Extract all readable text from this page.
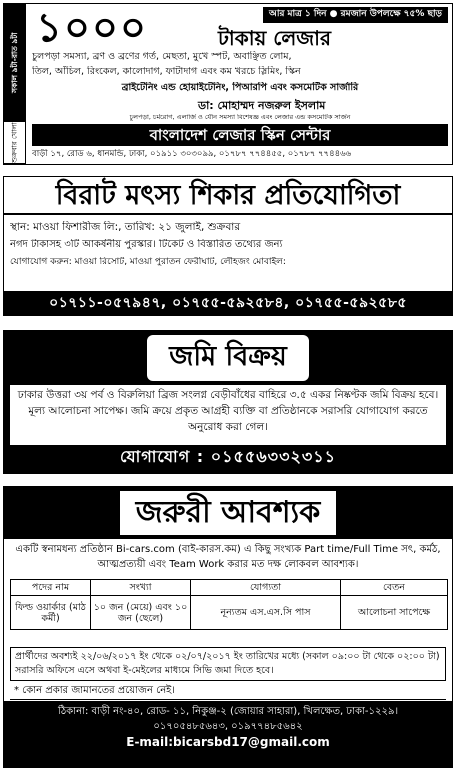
সকাল ৯টা-রাত ৯টা
শুক্রবার খোলা
১০০০	আর মাত্র ১ দিন ● রমজান উপলক্ষে ৭৫% ছাড়
টাকায় লেজার
চুলপড়া সমস্যা, ব্রণ ও ব্রণের গর্ত, মেছতা, মুখে স্পট, অবাঞ্ছিত লোম,
তিল, আঁচিল, রিংকেল, কালোদাগ, ফাটাদাগ এবং কম খরচে স্লিমিং, স্কিন
ব্রাইটেনিং এন্ড হোয়াইটেনিং, পিআরপি এবং কসমেটিক সার্জারি
ডা: মোহাম্মদ নজরুল ইসলাম
চুলপড়া, চর্মরোগ, এলার্জি ও যৌন সমস্যা বিশেষজ্ঞ এবং লেজার এন্ড কসমেটিক সার্জন
বাংলাদেশ লেজার স্কিন সেন্টার
বাড়ী ১৭, রোড ৬, ধানমন্ডি, ঢাকা, ০১৯১১ ৩০৩০৯৯, ০১৭৮৭ ৭৭৪৪৫৫, ০১৭৮৭ ৭৭৪৪৬৬
বিরাট মৎস্য শিকার প্রতিযোগিতা
স্থান: মাওয়া ফিশারীজ লি:, তারিখ: ২১ জুলাই, শুক্রবার
নগদ টাকাসহ ৩টি আকর্ষনীয় পুরস্কার। টিকেট ও বিস্তারিত তথ্যের জন্য
যোগাযোগ করুন: মাওয়া রিসোর্ট, মাওয়া পুরাতন ফেরীঘাট, লৌহজং মোবাইল:
০১৭১১-০৫৭৯৪৭, ০১৭৫৫-৫৯২৫৮৪, ০১৭৫৫-৫৯২৫৮৫
জমি বিক্রয়
ঢাকার উত্তরা ৩য় পর্ব ও বিরুলিয়া ব্রিজ সংলগ্ন বেড়ীবাঁধের বাহিরে ৩.৫ একর নিষ্কণ্টক জমি বিক্রয় হবে। মূল্য আলোচনা সাপেক্ষ। জমি ক্রয়ে প্রকৃত আগ্রহী ব্যক্তি বা প্রতিষ্ঠানকে সরাসরি যোগাযোগ করতে অনুরোধ করা গেল।
যোগাযোগ : ০১৫৫৬৩৩২৩১১
জরুরী আবশ্যক
একটি স্বনামধন্য প্রতিষ্ঠান Bi-cars.com (বাই-কারস.কম) এ কিছু সংখ্যক Part time/Full Time সৎ, কর্মঠ, আত্মপ্রত্যয়ী এবং Team Work করার মত দক্ষ লোকবল আবশ্যক।
পদের নাম	সংখ্যা	যোগ্যতা	বেতন
ফিল্ড ওয়ার্কার (মাঠ কর্মী)	১০ জন (মেয়ে) এবং ১০ জন (ছেলে)	নূন্যতম এস.এস.সি পাস	আলোচনা সাপেক্ষে
প্রার্থীদের অবশ্যই ২২/০৬/২০১৭ ইং থেকে ০২/০৭/২০১৭ ইং তারিখের মধ্যে (সকাল ০৯:০০ টা থেকে ০২:০০ টা) সরাসরি অফিসে এসে অথবা ই-মেইলের মাধ্যমে সিভি জমা দিতে হবে।
* কোন প্রকার জামানতের প্রয়োজন নেই।
ঠিকানা: বাড়ী নং-৪০, রোড- ১১, নিকুঞ্জ-২ (জোয়ার সাহারা), খিলক্ষেত, ঢাকা-১২২৯।
০১৭০৫৪৮৫৬৪৩, ০১৯৭৭৪৮৫৬৪২
E-mail:bicarsbd17@gmail.com
